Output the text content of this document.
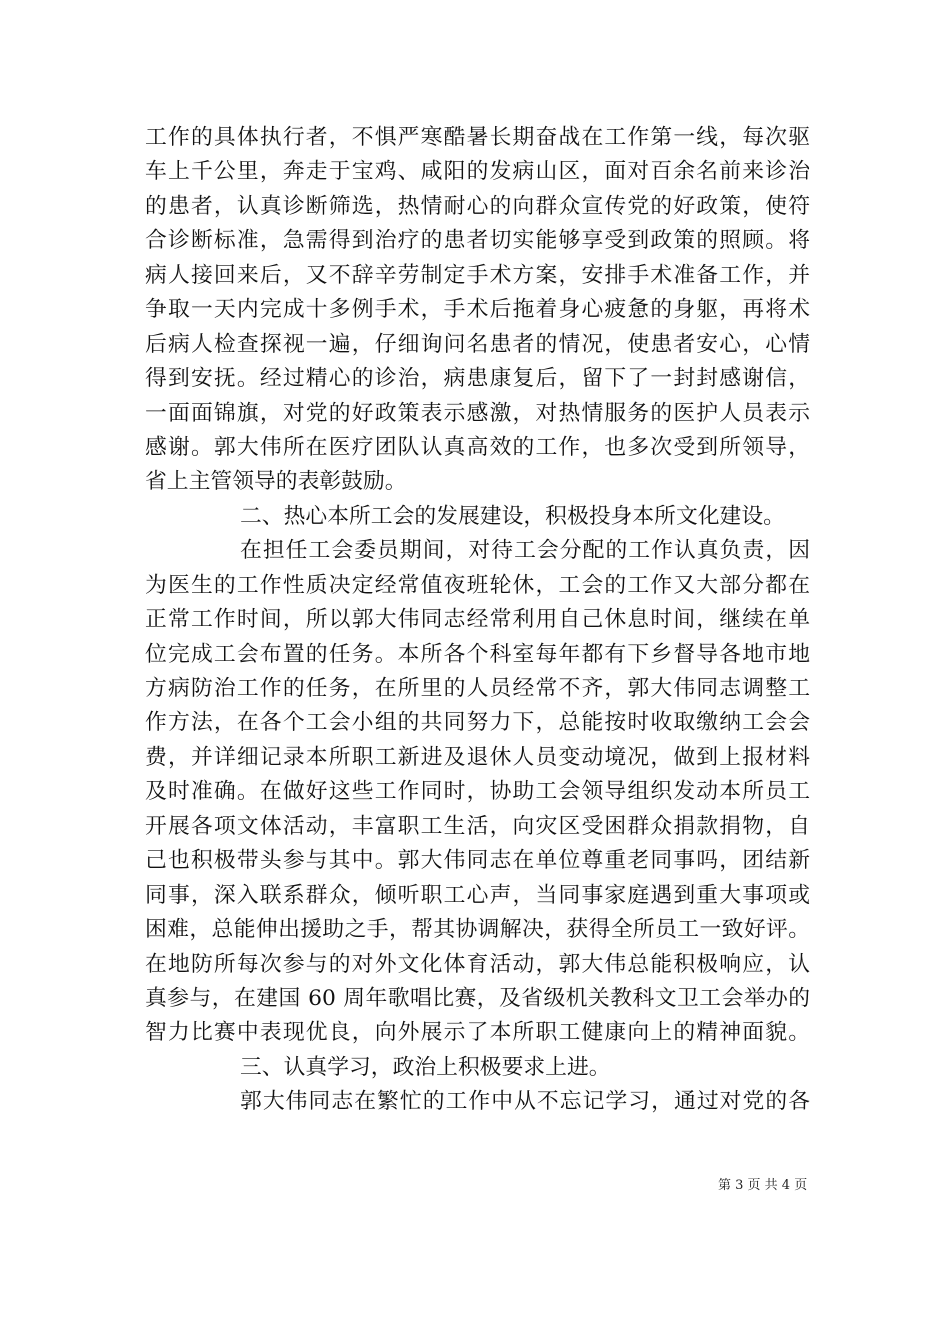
工作的具体执行者，不惧严寒酷暑长期奋战在工作第一线，每次驱
车上千公里，奔走于宝鸡、咸阳的发病山区，面对百余名前来诊治
的患者，认真诊断筛选，热情耐心的向群众宣传党的好政策，使符
合诊断标准，急需得到治疗的患者切实能够享受到政策的照顾。将
病人接回来后，又不辞辛劳制定手术方案，安排手术准备工作，并
争取一天内完成十多例手术，手术后拖着身心疲惫的身躯，再将术
后病人检查探视一遍，仔细询问名患者的情况，使患者安心，心情
得到安抚。经过精心的诊治，病患康复后，留下了一封封感谢信，
一面面锦旗，对党的好政策表示感激，对热情服务的医护人员表示
感谢。郭大伟所在医疗团队认真高效的工作，也多次受到所领导，
省上主管领导的表彰鼓励。
二、热心本所工会的发展建设，积极投身本所文化建设。
在担任工会委员期间，对待工会分配的工作认真负责，因
为医生的工作性质决定经常值夜班轮休，工会的工作又大部分都在
正常工作时间，所以郭大伟同志经常利用自己休息时间，继续在单
位完成工会布置的任务。本所各个科室每年都有下乡督导各地市地
方病防治工作的任务，在所里的人员经常不齐，郭大伟同志调整工
作方法，在各个工会小组的共同努力下，总能按时收取缴纳工会会
费，并详细记录本所职工新进及退休人员变动境况，做到上报材料
及时准确。在做好这些工作同时，协助工会领导组织发动本所员工
开展各项文体活动，丰富职工生活，向灾区受困群众捐款捐物，自
己也积极带头参与其中。郭大伟同志在单位尊重老同事吗，团结新
同事，深入联系群众，倾听职工心声，当同事家庭遇到重大事项或
困难，总能伸出援助之手，帮其协调解决，获得全所员工一致好评。
在地防所每次参与的对外文化体育活动，郭大伟总能积极响应，认
真参与，在建国 60 周年歌唱比赛，及省级机关教科文卫工会举办的
智力比赛中表现优良，向外展示了本所职工健康向上的精神面貌。
三、认真学习，政治上积极要求上进。
郭大伟同志在繁忙的工作中从不忘记学习，通过对党的各
第 3 页 共 4 页
